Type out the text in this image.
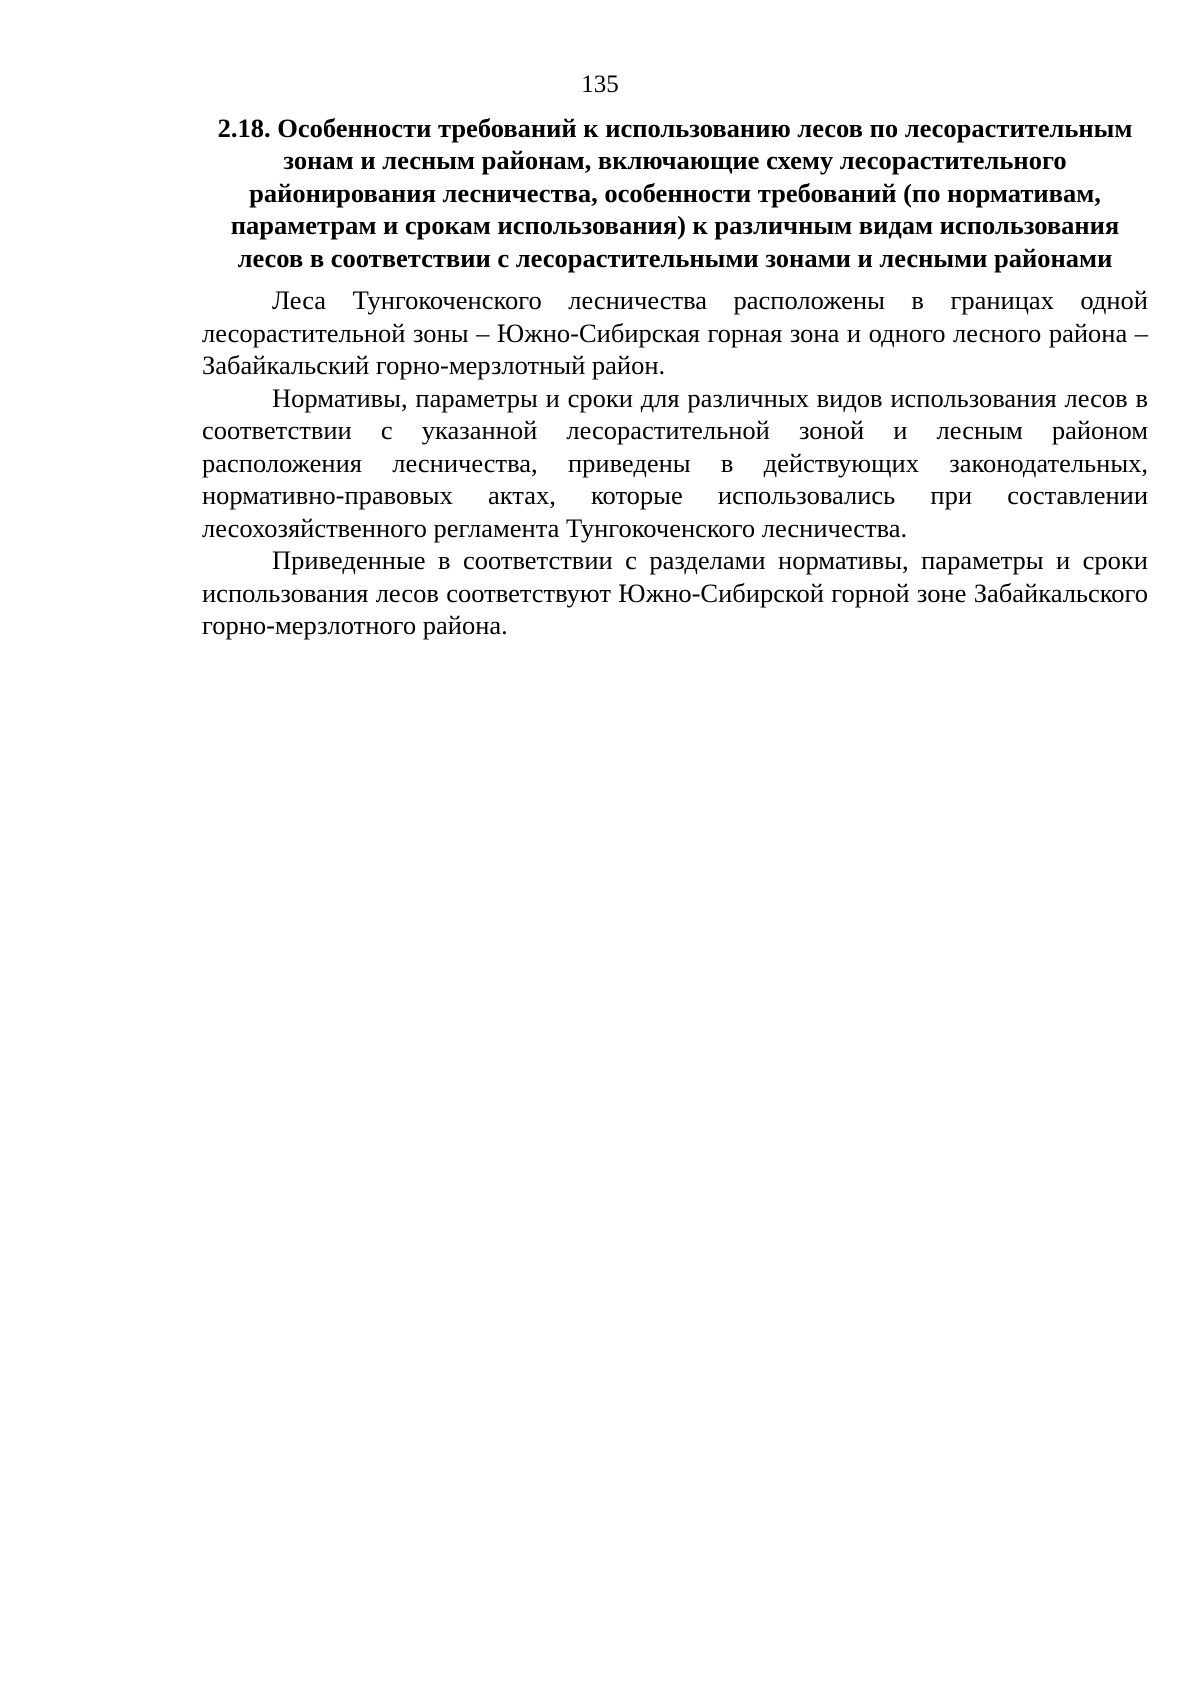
135
2.18. Особенности требований к использованию лесов по лесорастительным зонам и лесным районам, включающие схему лесорастительного районирования лесничества, особенности требований (по нормативам, параметрам и срокам использования) к различным видам использования лесов в соответствии с лесорастительными зонами и лесными районами

Леса Тунгокоченского лесничества расположены в границах одной лесорастительной зоны – Южно-Сибирская горная зона и одного лесного района – Забайкальский горно-мерзлотный район.

Нормативы, параметры и сроки для различных видов использования лесов в соответствии с указанной лесорастительной зоной и лесным районом расположения лесничества, приведены в действующих законодательных, нормативно-правовых актах, которые использовались при составлении лесохозяйственного регламента Тунгокоченского лесничества.

Приведенные в соответствии с разделами нормативы, параметры и сроки использования лесов соответствуют Южно-Сибирской горной зоне Забайкальского горно-мерзлотного района.
